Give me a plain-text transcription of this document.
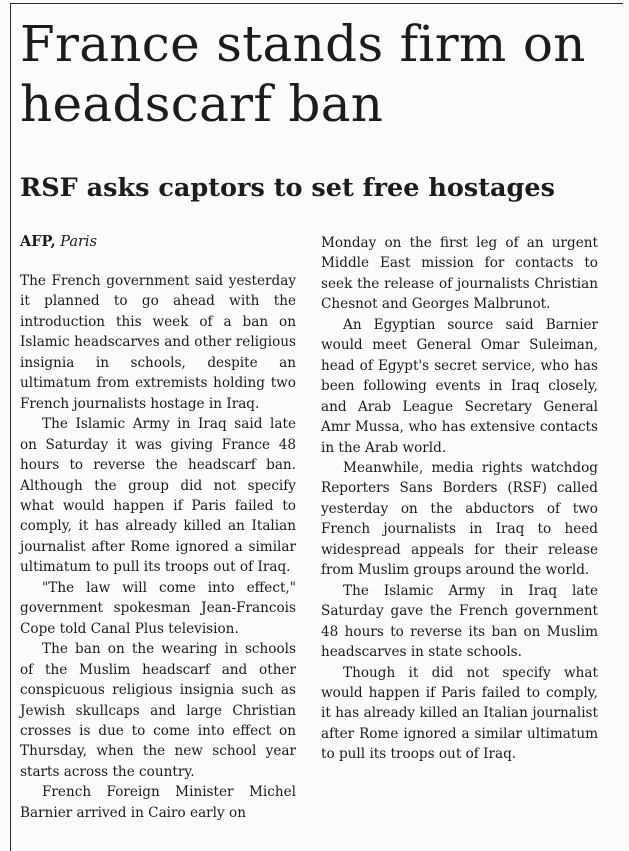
France stands firm on headscarf ban
RSF asks captors to set free hostages
AFP, Paris

The French government said yesterday it planned to go ahead with the introduction this week of a ban on Islamic headscarves and other religious insignia in schools, despite an ultimatum from extremists holding two French journalists hostage in Iraq.

The Islamic Army in Iraq said late on Saturday it was giving France 48 hours to reverse the headscarf ban. Although the group did not specify what would happen if Paris failed to comply, it has already killed an Italian journalist after Rome ignored a similar ultimatum to pull its troops out of Iraq.

"The law will come into effect," government spokesman Jean-Francois Cope told Canal Plus television.

The ban on the wearing in schools of the Muslim headscarf and other conspicuous religious insignia such as Jewish skullcaps and large Christian crosses is due to come into effect on Thursday, when the new school year starts across the country.

French Foreign Minister Michel Barnier arrived in Cairo early on

Monday on the first leg of an urgent Middle East mission for contacts to seek the release of journalists Christian Chesnot and Georges Malbrunot.

An Egyptian source said Barnier would meet General Omar Suleiman, head of Egypt's secret service, who has been following events in Iraq closely, and Arab League Secretary General Amr Mussa, who has extensive contacts in the Arab world.

Meanwhile, media rights watchdog Reporters Sans Borders (RSF) called yesterday on the abductors of two French journalists in Iraq to heed widespread appeals for their release from Muslim groups around the world.

The Islamic Army in Iraq late Saturday gave the French government 48 hours to reverse its ban on Muslim headscarves in state schools.

Though it did not specify what would happen if Paris failed to comply, it has already killed an Italian journalist after Rome ignored a similar ultimatum to pull its troops out of Iraq.
